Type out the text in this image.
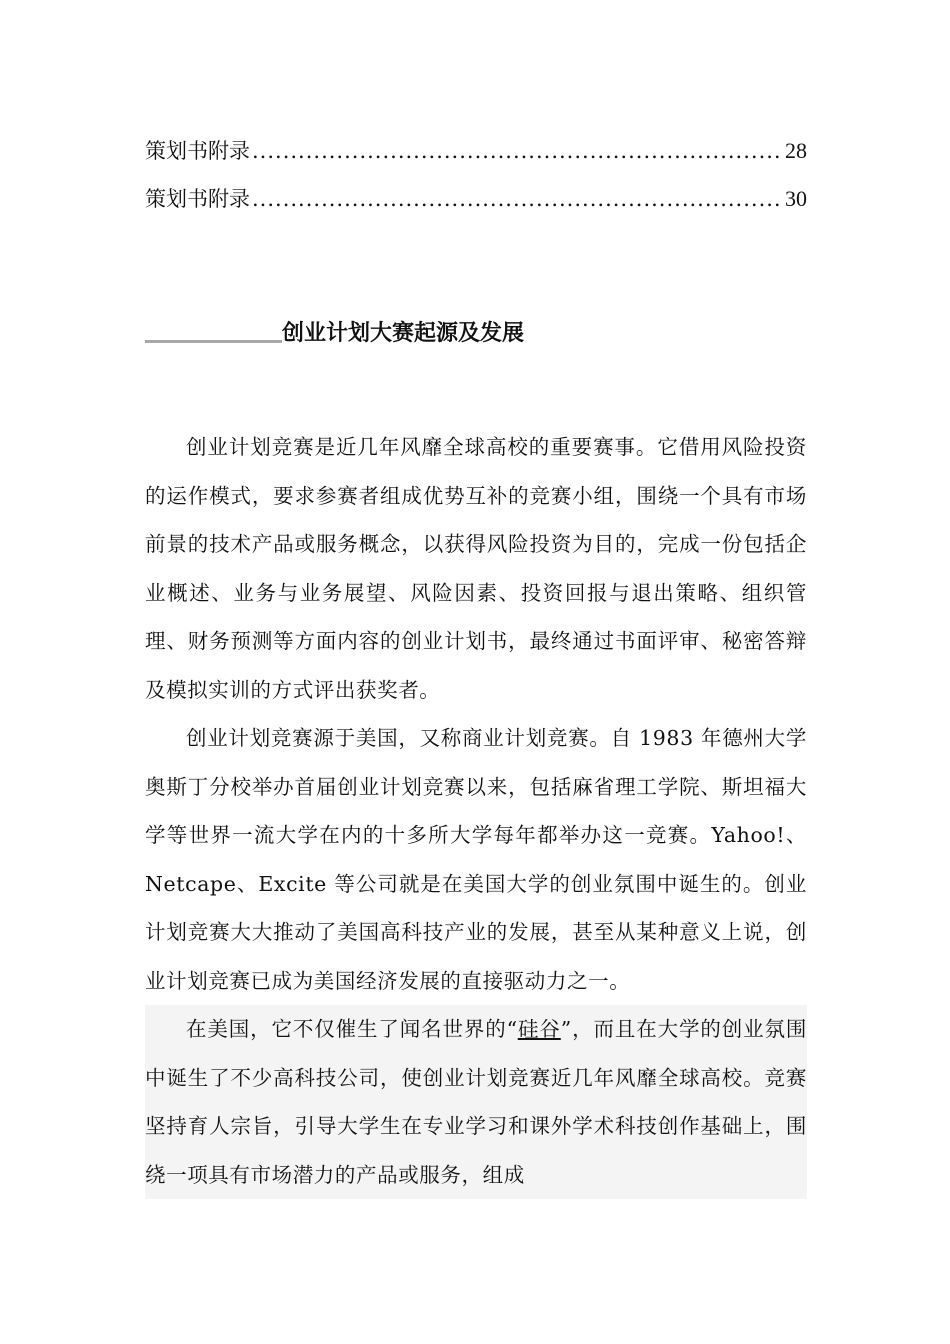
策划书附录 .....	28
策划书附录 .....	30
创业计划大赛起源及发展

创业计划竞赛是近几年风靡全球高校的重要赛事。它借用风险投资的运作模式，要求参赛者组成优势互补的竞赛小组，围绕一个具有市场前景的技术产品或服务概念，以获得风险投资为目的，完成一份包括企业概述、业务与业务展望、风险因素、投资回报与退出策略、组织管理、财务预测等方面内容的创业计划书，最终通过书面评审、秘密答辩及模拟实训的方式评出获奖者。

创业计划竞赛源于美国，又称商业计划竞赛。自 1983 年德州大学奥斯丁分校举办首届创业计划竞赛以来，包括麻省理工学院、斯坦福大学等世界一流大学在内的十多所大学每年都举办这一竞赛。Yahoo!、Netcape、Excite 等公司就是在美国大学的创业氛围中诞生的。创业计划竞赛大大推动了美国高科技产业的发展，甚至从某种意义上说，创业计划竞赛已成为美国经济发展的直接驱动力之一。

在美国，它不仅催生了闻名世界的“硅谷”，而且在大学的创业氛围中诞生了不少高科技公司，使创业计划竞赛近几年风靡全球高校。竞赛坚持育人宗旨，引导大学生在专业学习和课外学术科技创作基础上，围绕一项具有市场潜力的产品或服务，组成
